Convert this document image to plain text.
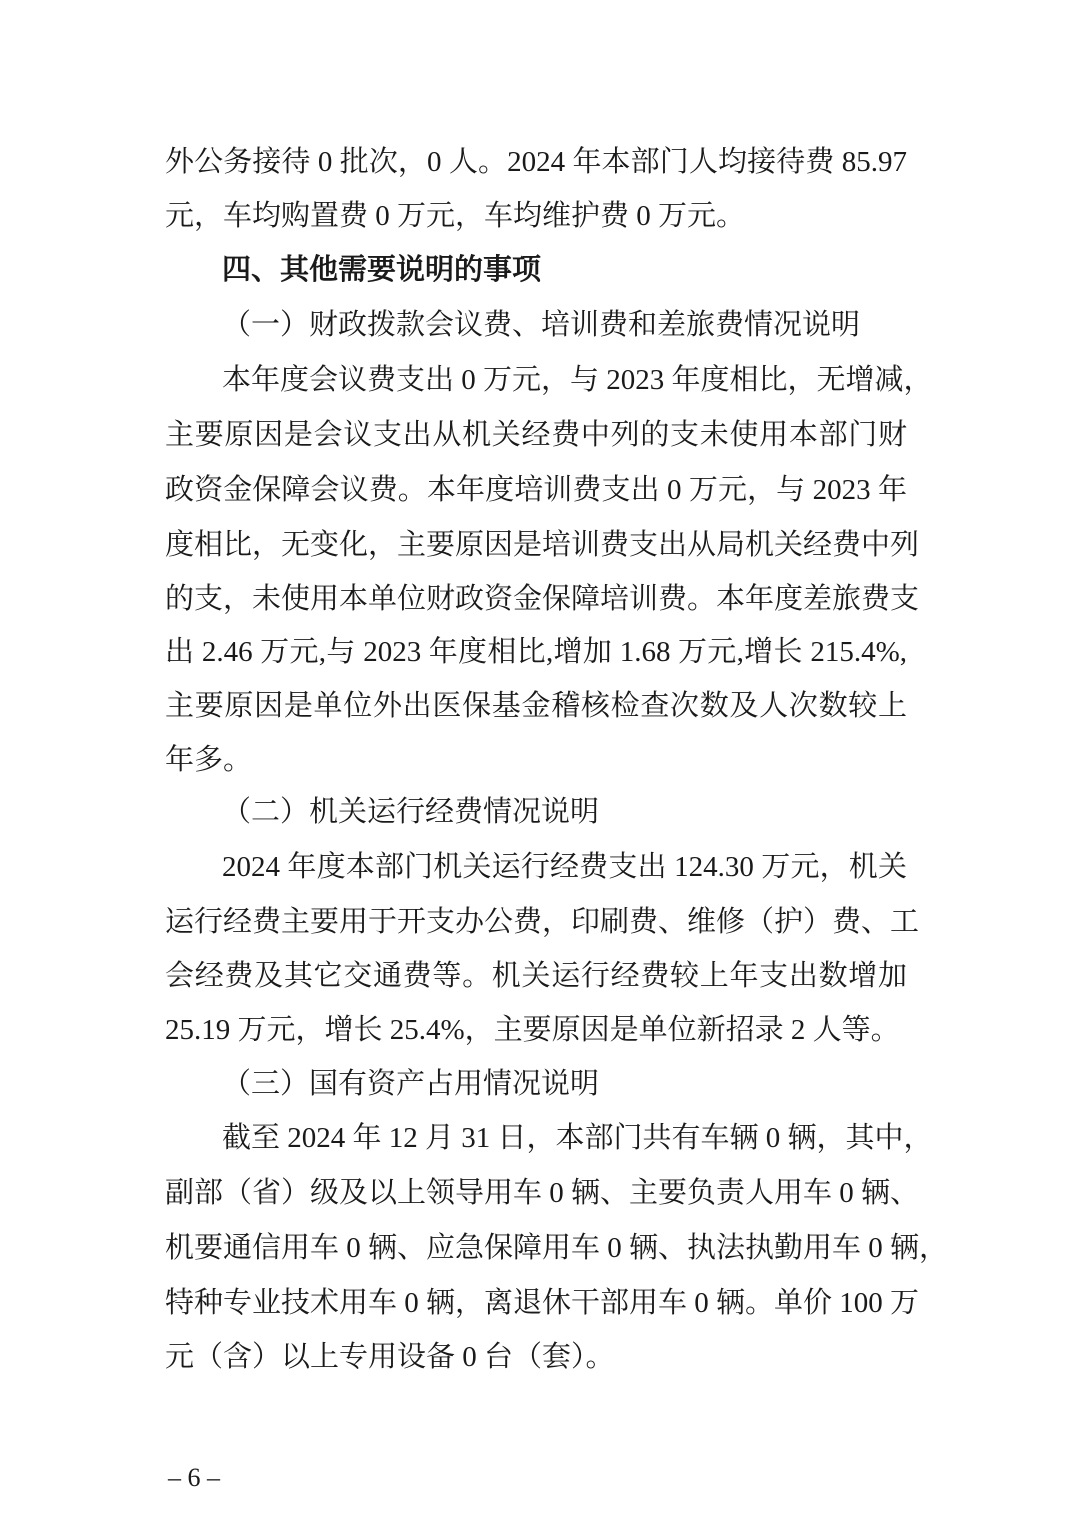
外公务接待 0 批次，0 人。2024 年本部门人均接待费 85.97
元，车均购置费 0 万元，车均维护费 0 万元。
四、其他需要说明的事项
（一）财政拨款会议费、培训费和差旅费情况说明
本年度会议费支出 0 万元，与 2023 年度相比，无增减，
主要原因是会议支出从机关经费中列的支未使用本部门财
政资金保障会议费。本年度培训费支出 0 万元，与 2023 年
度相比，无变化，主要原因是培训费支出从局机关经费中列
的支，未使用本单位财政资金保障培训费。本年度差旅费支
出 2.46 万元,与 2023 年度相比,增加 1.68 万元,增长 215.4%,
主要原因是单位外出医保基金稽核检查次数及人次数较上
年多。
（二）机关运行经费情况说明
2024 年度本部门机关运行经费支出 124.30 万元，机关
运行经费主要用于开支办公费，印刷费、维修（护）费、工
会经费及其它交通费等。机关运行经费较上年支出数增加
25.19 万元，增长 25.4%，主要原因是单位新招录 2 人等。
（三）国有资产占用情况说明
截至 2024 年 12 月 31 日，本部门共有车辆 0 辆，其中，
副部（省）级及以上领导用车 0 辆、主要负责人用车 0 辆、
机要通信用车 0 辆、应急保障用车 0 辆、执法执勤用车 0 辆，
特种专业技术用车 0 辆，离退休干部用车 0 辆。单价 100 万
元（含）以上专用设备 0 台（套）。
– 6 –
